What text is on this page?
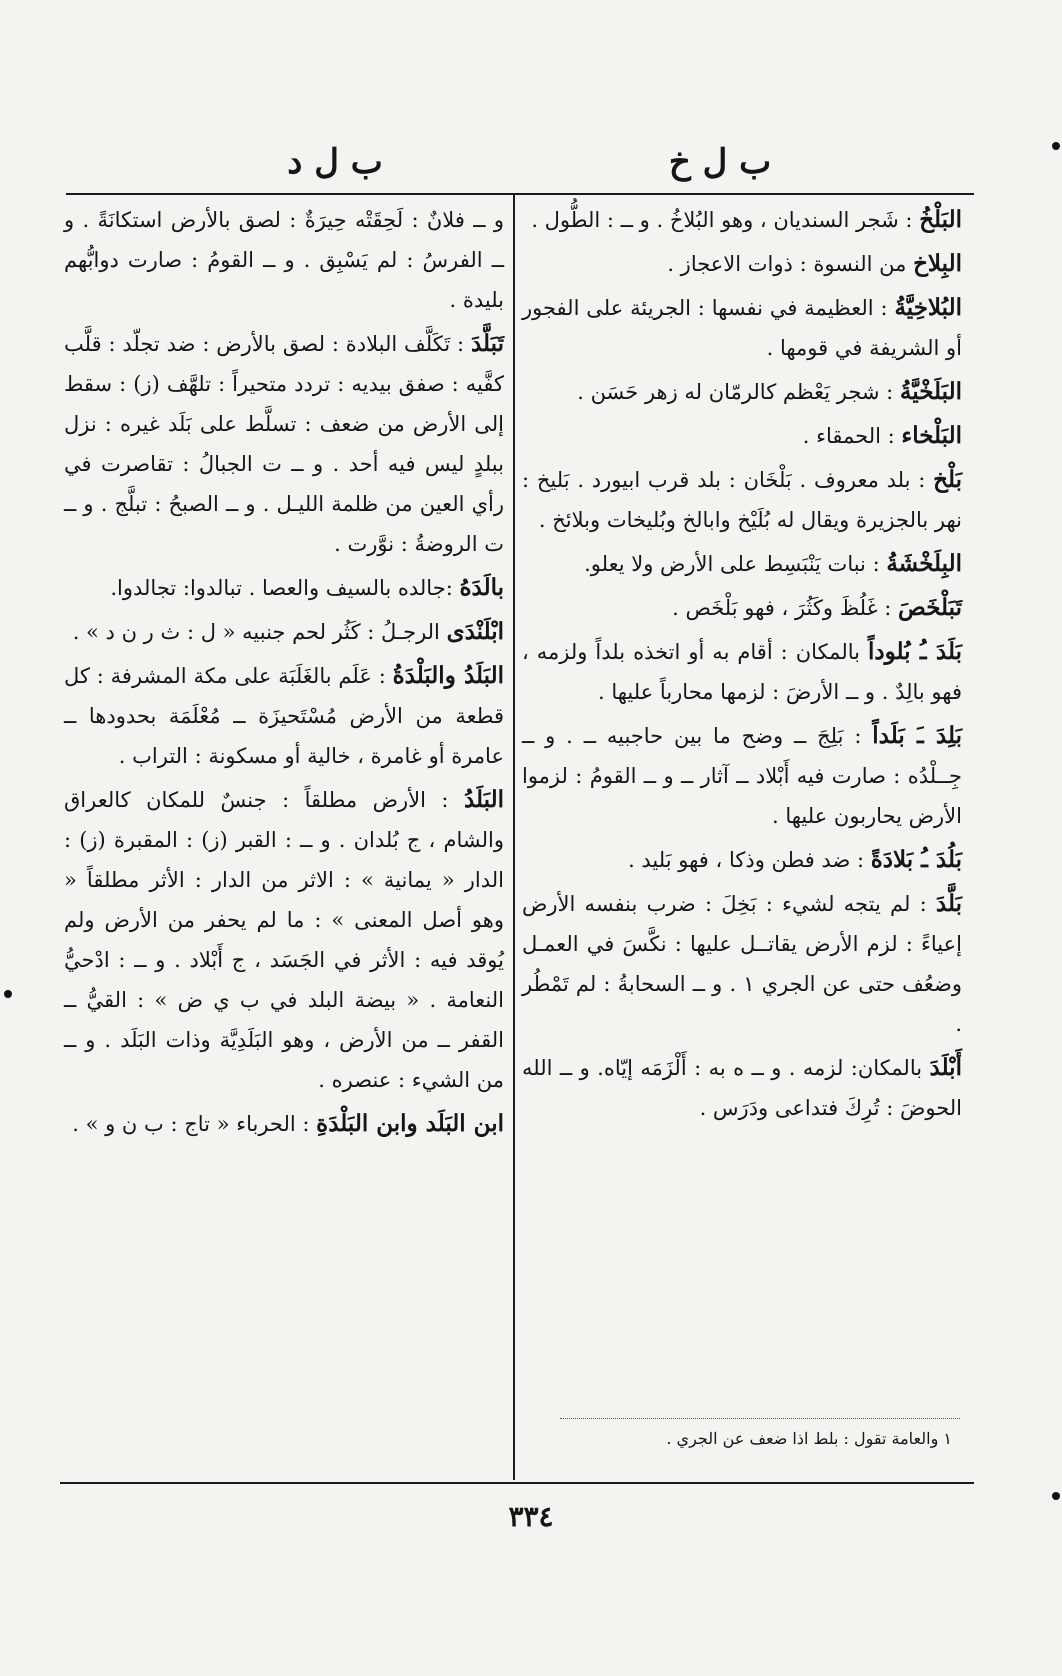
ب ل خ
ب ل د

البَلْخُ : شَجر السنديان ، وهو البُلاخُ . و ــ : الطُّول .

البِلاخ من النسوة : ذوات الاعجاز .

البُلاخِيَّةُ : العظيمة في نفسها : الجريئة على الفجور أو الشريفة في قومها .

البَلَخْيَّةُ : شجر يَعْظم كالرمّان له زهر حَسَن .

البَلْخاء : الحمقاء .

بَلْخ : بلد معروف . بَلْخَان : بلد قرب ابيورد . بَليخ : نهر بالجزيرة ويقال له بُلَيْخ وابالخ وبُليخات وبلائخ .

البِلَخْشَةُ : نبات يَنْبَسِط على الأرض ولا يعلو.

تَبَلْخَصَ : غَلُظَ وكَثُرَ ، فهو بَلْخَص .

بَلَدَ ـُ بُلوداً بالمكان : أقام به أو اتخذه بلداً ولزمه ، فهو بالِدٌ . و ــ الأرضَ : لزمها محارباً عليها .

بَلِدَ ـَ بَلَداً : بَلِجَ ــ وضح ما بين حاجبيه ــ . و ــ جِــلْدُه : صارت فيه أَبْلاد ــ آثار ــ و ــ القومُ : لزموا الأرض يحاربون عليها .

بَلُدَ ـُ بَلادَةً : ضد فطن وذكا ، فهو بَليد .

بَلَّدَ : لم يتجه لشيء : بَخِلَ : ضرب بنفسه الأرض إعياءً : لزم الأرض يقاتــل عليها : نكَّسَ في العمـل وضعُف حتى عن الجري ١ . و ــ السحابةُ : لم تَمْطُر .

أَبْلَدَ بالمكان: لزمه . و ــ ه به : أَلْزَمَه إيّاه. و ــ الله الحوضَ : تُرِكَ فتداعى ودَرَس .

و ــ فلانٌ : لَحِقَتْه حِيرَةٌ : لصق بالأرض استكانَةً . و ــ الفرسُ : لم يَسْبِق . و ــ القومُ : صارت دوابُّهم بليدة .

تَبَلَّدَ : تَكَلَّف البلادة : لصق بالأرض : ضد تجلّد : قلَّب كفَّيه : صفق بيديه : تردد متحيراً : تلهَّف (ز) : سقط إلى الأرض من ضعف : تسلَّط على بَلَد غيره : نزل ببلدٍ ليس فيه أحد . و ــ ت الجبالُ : تقاصرت في رأي العين من ظلمة الليـل . و ــ الصبحُ : تبلَّج . و ــ ت الروضةُ : نوَّرت .

بالَدَهُ :جالده بالسيف والعصا . تبالدوا: تجالدوا.

ابْلَنْدَى الرجـلُ : كَثُر لحم جنبيه « ل : ث ر ن د » .

البَلَدُ والبَلْدَةُ : عَلَم بالغَلَبَة على مكة المشرفة : كل قطعة من الأرض مُسْتَحيزَة ــ مُعْلَمَة بحدودها ــ عامرة أو غامرة ، خالية أو مسكونة : التراب .

البَلَدُ : الأرض مطلقاً : جنسٌ للمكان كالعراق والشام ، ج بُلدان . و ــ : القبر (ز) : المقبرة (ز) : الدار « يمانية » : الاثر من الدار : الأثر مطلقاً « وهو أصل المعنى » : ما لم يحفر من الأرض ولم يُوقد فيه : الأثر في الجَسَد ، ج أَبْلاد . و ــ : ادْحيُّ النعامة . « بيضة البلد في ب ي ض » : القيُّ ــ القفر ــ من الأرض ، وهو البَلَدِيَّة وذات البَلَد . و ــ من الشيء : عنصره .

ابن البَلَد وابن البَلْدَةِ : الحرباء « تاج : ب ن و » .

١ والعامة تقول : بلط اذا ضعف عن الجري .
٣٣٤
